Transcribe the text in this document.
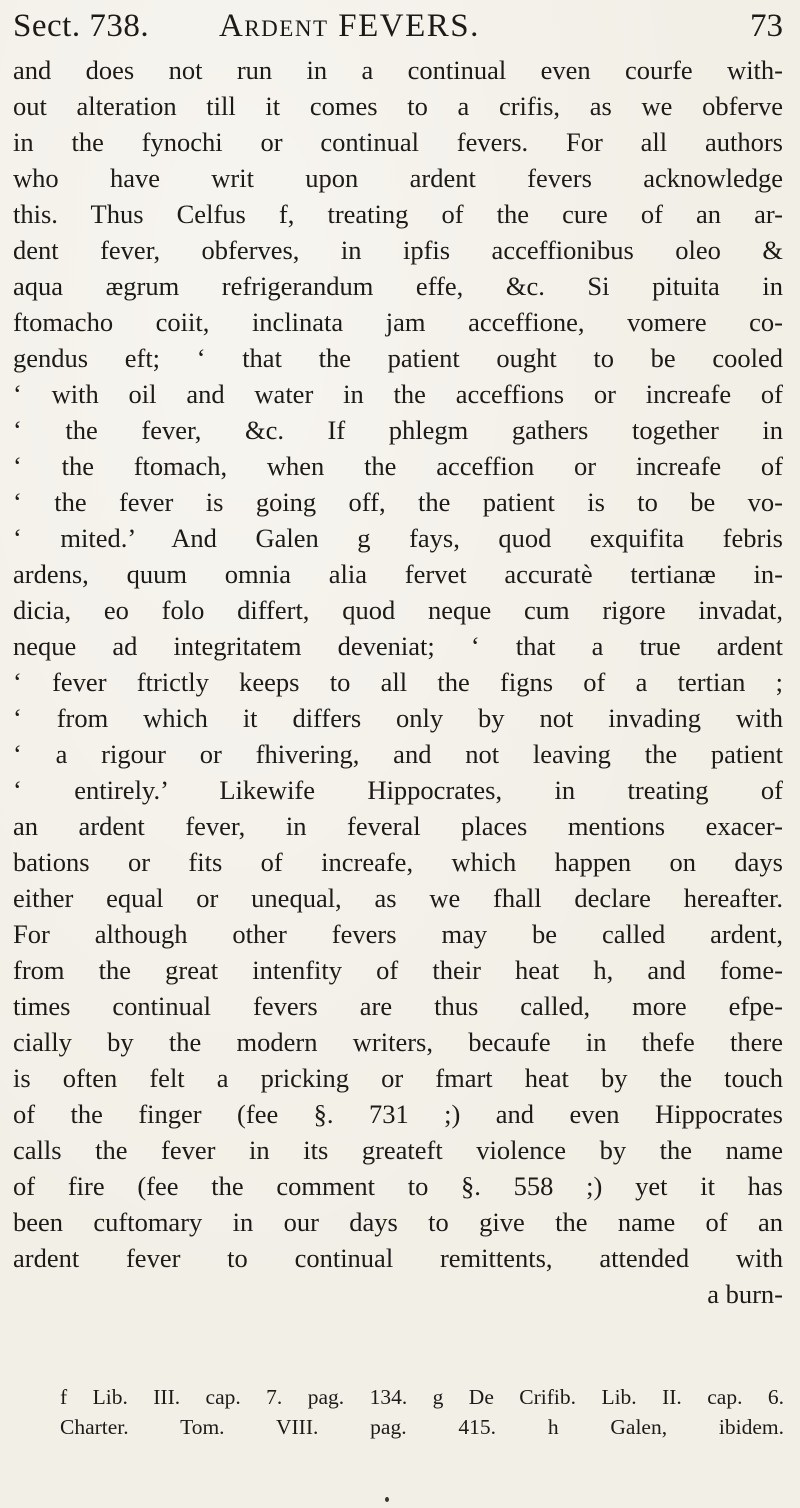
Sect. 738. Ardent FEVERS.	73
and does not run in a continual even courfe with-
out alteration till it comes to a crifis, as we obferve
in the fynochi or continual fevers. For all authors
who have writ upon ardent fevers acknowledge
this. Thus Celfus f, treating of the cure of an ar-
dent fever, obferves, in ipfis acceffionibus oleo &
aqua ægrum refrigerandum effe, &c. Si pituita in
ftomacho coiit, inclinata jam acceffione, vomere co-
gendus eft; ‘ that the patient ought to be cooled
‘ with oil and water in the acceffions or increafe of
‘ the fever, &c. If phlegm gathers together in
‘ the ftomach, when the acceffion or increafe of
‘ the fever is going off, the patient is to be vo-
‘ mited.’ And Galen g fays, quod exquifita febris
ardens, quum omnia alia fervet accuratè tertianæ in-
dicia, eo folo differt, quod neque cum rigore invadat,
neque ad integritatem deveniat; ‘ that a true ardent
‘ fever ftrictly keeps to all the figns of a tertian ;
‘ from which it differs only by not invading with
‘ a rigour or fhivering, and not leaving the patient
‘ entirely.’ Likewife Hippocrates, in treating of
an ardent fever, in feveral places mentions exacer-
bations or fits of increafe, which happen on days
either equal or unequal, as we fhall declare hereafter.
For although other fevers may be called ardent,
from the great intenfity of their heat h, and fome-
times continual fevers are thus called, more efpe-
cially by the modern writers, becaufe in thefe there
is often felt a pricking or fmart heat by the touch
of the finger (fee §. 731 ;) and even Hippocrates
calls the fever in its greateft violence by the name
of fire (fee the comment to §. 558 ;) yet it has
been cuftomary in our days to give the name of an
ardent fever to continual remittents, attended with
a burn-
f Lib. III. cap. 7. pag. 134. g De Crifib. Lib. II. cap. 6.
Charter. Tom. VIII. pag. 415. h Galen, ibidem.
